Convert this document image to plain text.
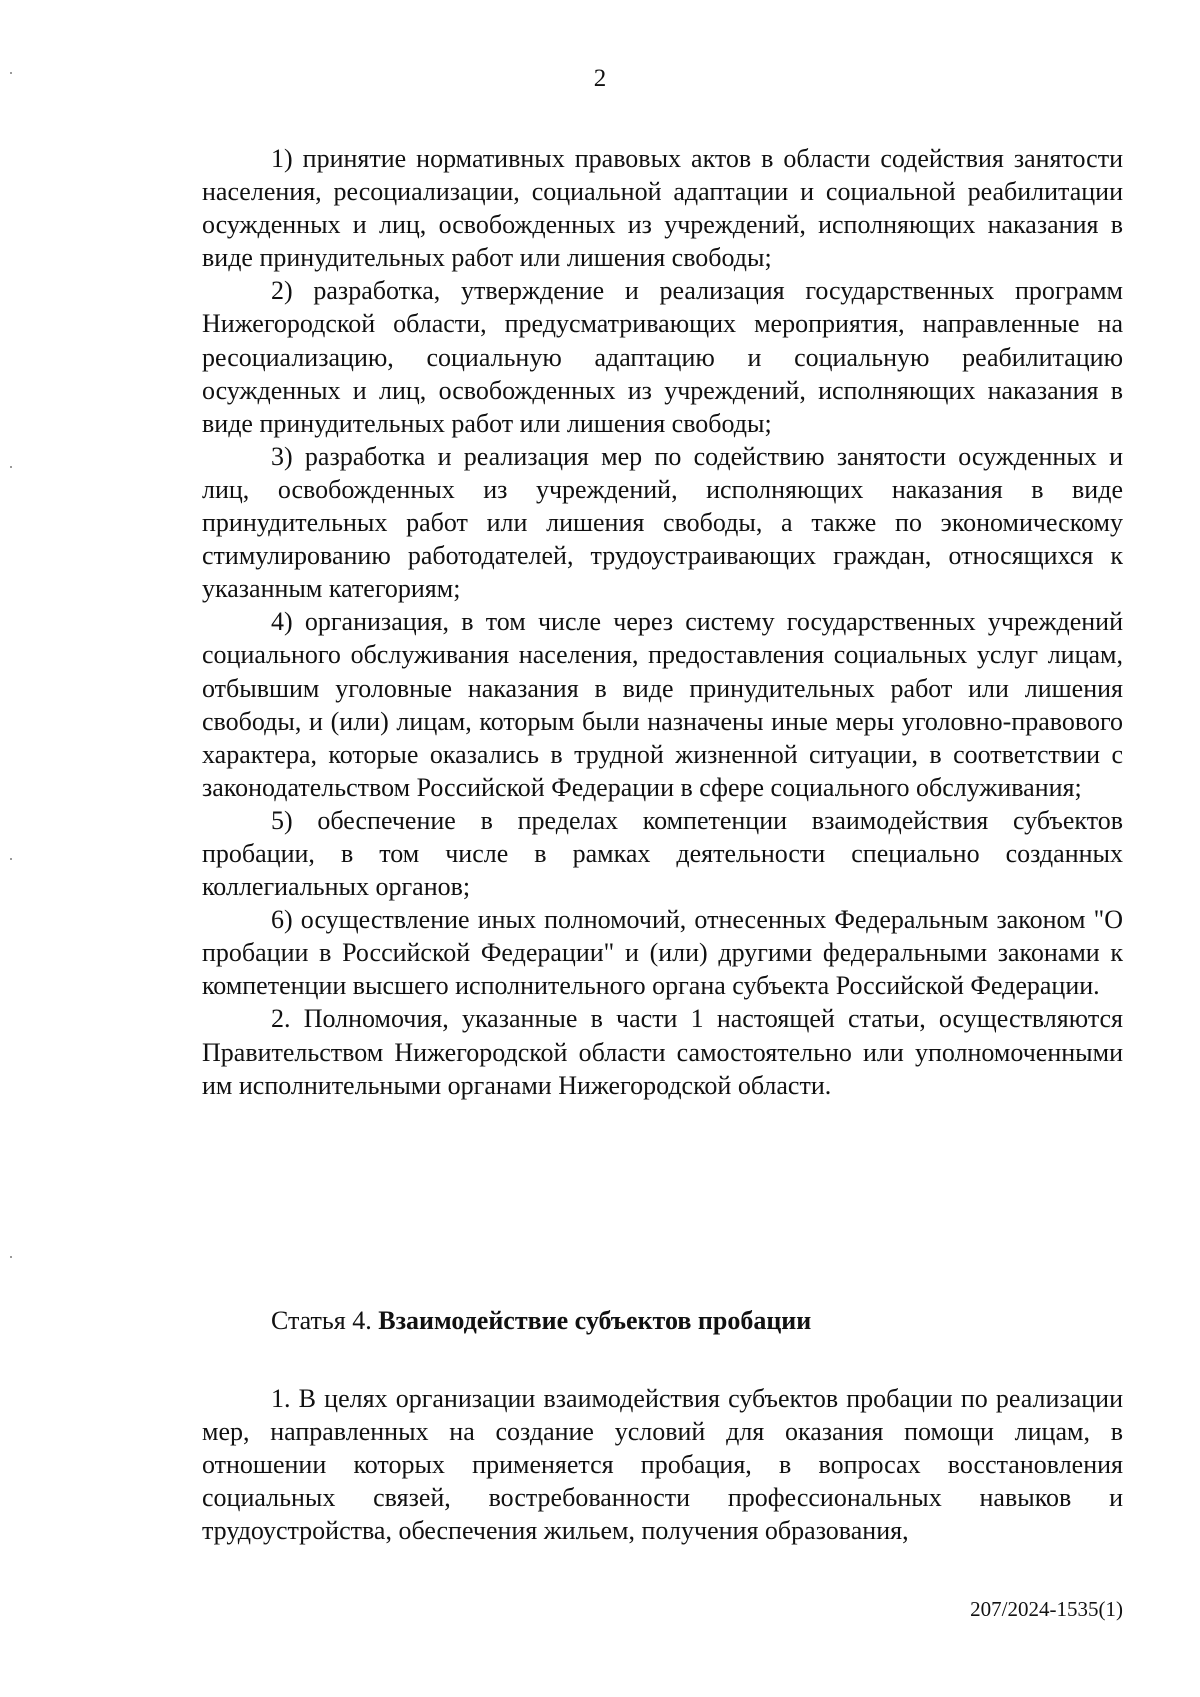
2

1) принятие нормативных правовых актов в области содействия занятости населения, ресоциализации, социальной адаптации и социальной реабилитации осужденных и лиц, освобожденных из учреждений, исполняющих наказания в виде принудительных работ или лишения свободы;

2) разработка, утверждение и реализация государственных программ Нижегородской области, предусматривающих мероприятия, направленные на ресоциализацию, социальную адаптацию и социальную реабилитацию осужденных и лиц, освобожденных из учреждений, исполняющих наказания в виде принудительных работ или лишения свободы;

3) разработка и реализация мер по содействию занятости осужденных и лиц, освобожденных из учреждений, исполняющих наказания в виде принудительных работ или лишения свободы, а также по экономическому стимулированию работодателей, трудоустраивающих граждан, относящихся к указанным категориям;

4) организация, в том числе через систему государственных учреждений социального обслуживания населения, предоставления социальных услуг лицам, отбывшим уголовные наказания в виде принудительных работ или лишения свободы, и (или) лицам, которым были назначены иные меры уголовно-правового характера, которые оказались в трудной жизненной ситуации, в соответствии с законодательством Российской Федерации в сфере социального обслуживания;

5) обеспечение в пределах компетенции взаимодействия субъектов пробации, в том числе в рамках деятельности специально созданных коллегиальных органов;

6) осуществление иных полномочий, отнесенных Федеральным законом "О пробации в Российской Федерации" и (или) другими федеральными законами к компетенции высшего исполнительного органа субъекта Российской Федерации.

2. Полномочия, указанные в части 1 настоящей статьи, осуществляются Правительством Нижегородской области самостоятельно или уполномоченными им исполнительными органами Нижегородской области.

Статья 4. Взаимодействие субъектов пробации

1. В целях организации взаимодействия субъектов пробации по реализации мер, направленных на создание условий для оказания помощи лицам, в отношении которых применяется пробация, в вопросах восстановления социальных связей, востребованности профессиональных навыков и трудоустройства, обеспечения жильем, получения образования,

207/2024-1535(1)
